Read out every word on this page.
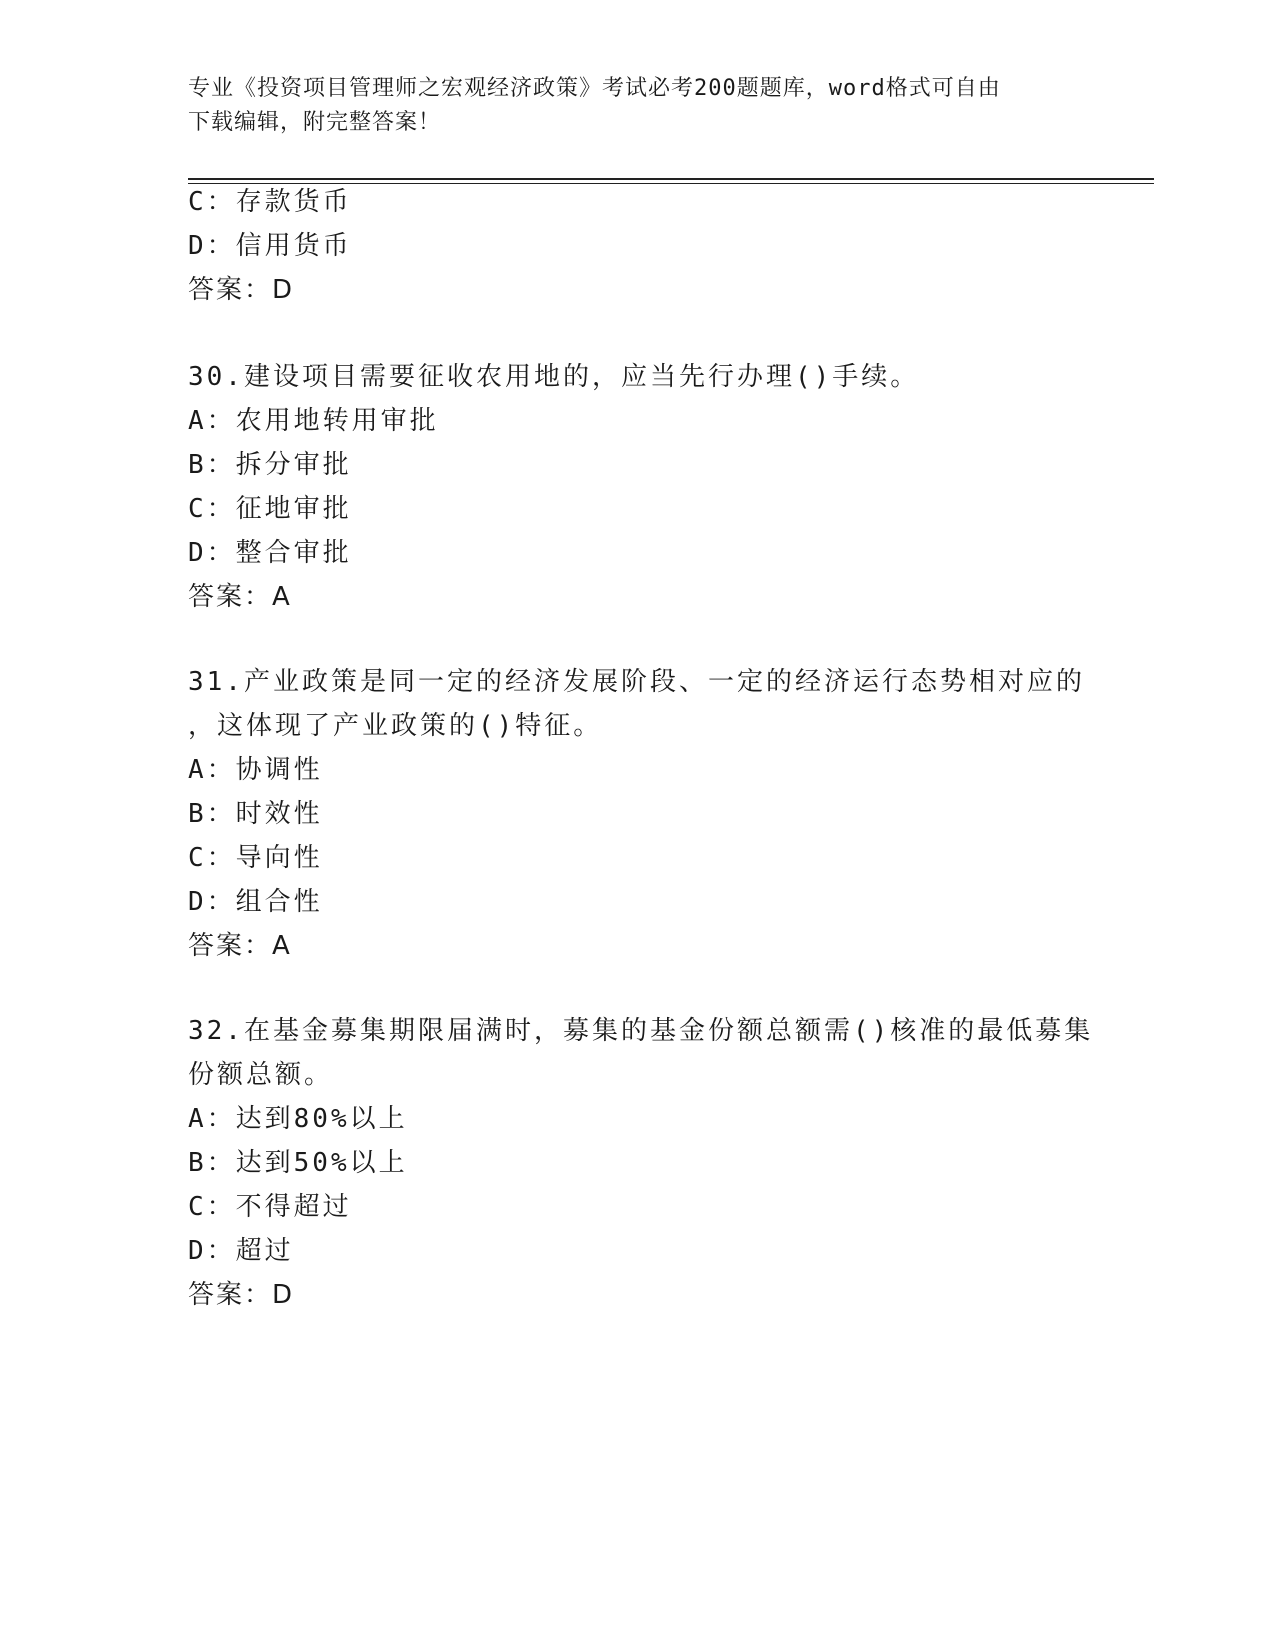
专业《投资项目管理师之宏观经济政策》考试必考200题题库，word格式可自由
下载编辑，附完整答案！
C：存款货币
D：信用货币
答案：D
30.建设项目需要征收农用地的，应当先行办理()手续。
A：农用地转用审批
B：拆分审批
C：征地审批
D：整合审批
答案：A
31.产业政策是同一定的经济发展阶段、一定的经济运行态势相对应的
，这体现了产业政策的()特征。
A：协调性
B：时效性
C：导向性
D：组合性
答案：A
32.在基金募集期限届满时，募集的基金份额总额需()核准的最低募集
份额总额。
A：达到80%以上
B：达到50%以上
C：不得超过
D：超过
答案：D
